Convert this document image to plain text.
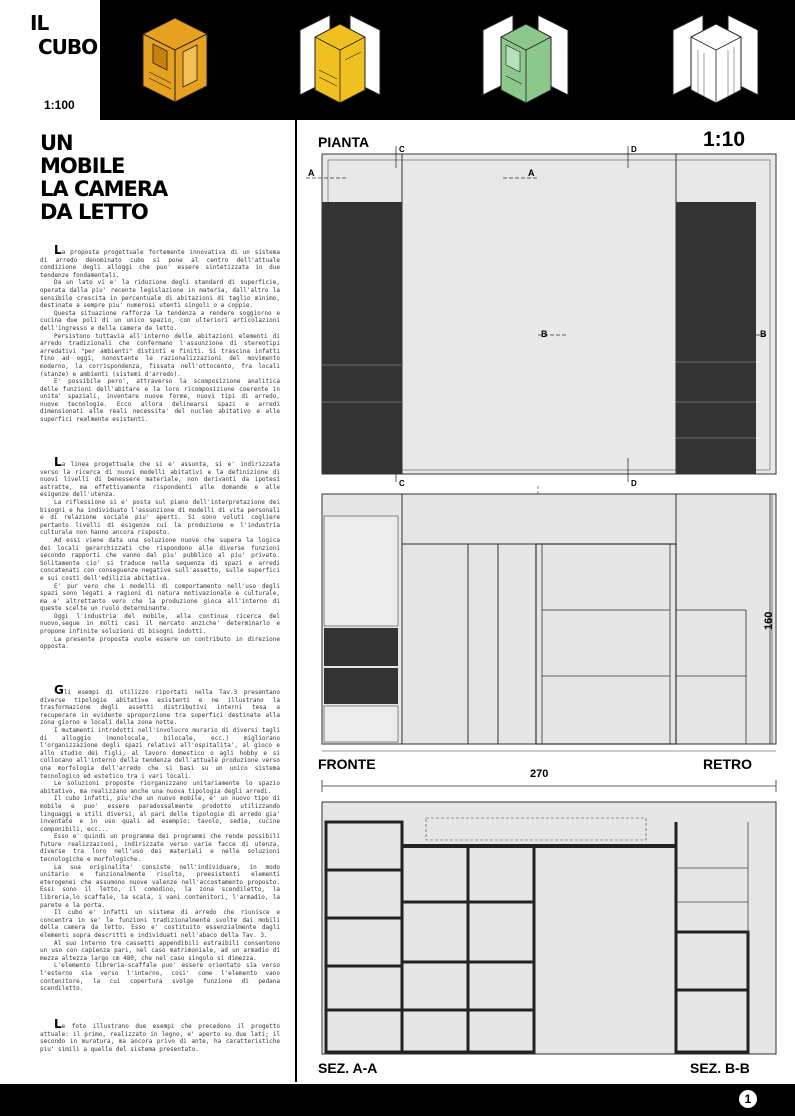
IL

CUBO

1:100
UN
MOBILE
LA CAMERA
DA LETTO

La proposta progettuale fortemente innovativa di un sistema di arredo denominato cubo si pone al centro dell'attuale condizione degli alloggi che puo' essere sintetizzata in due tendenze fondamentali.

Da un lato vi e' la riduzione degli standard di superficie, operata dalla piu' recente legislazione in materia, dall'altro la sensibile crescita in percentuale di abitazioni di taglio minimo, destinate a sempre piu' numerosi utenti singoli o a coppie.

Questa situazione rafforza la tendenza a rendere soggiorno e cucina due poli di un unico spazio, con ulteriori articolazioni dell'ingresso e della camera da letto.

Persistono tuttavia all'interno delle abitazioni elementi di arredo tradizionali che confermano l'assunzione di stereotipi arredativi "per ambienti" distinti e finiti. Si trascina infatti fino ad oggi, nonostante le razionalizzazioni del movimento moderno, la corrispondenza, fissata nell'ottocento, fra locali (stanze) e ambienti (sistemi d'arredo).

E' possibile pero', attraverso la scomposizione analitica delle funzioni dell'abitare e la loro ricomposizione coerente in unita' spaziali, inventare nuove forme, nuovi tipi di arredo, nuove tecnologie. Ecco allora delinearsi spazi e arredi dimensionati alle reali necessita' del nucleo abitativo e alle superfici realmente esistenti.

La linea progettuale che si e' assunta, si e' indirizzata verso la ricerca di nuovi modelli abitativi e la definizione di nuovi livelli di benessere materiale, non derivanti da ipotesi astratte, ma effettivamente rispondenti alle domande e alle esigenze dell'utenza.

La riflessione si e' posta sul piano dell'interpretazione dei bisogni e ha individuato l'assunzione di modelli di vita personali e di relazione sociale piu' aperti. Si sono voluti cogliere pertanto livelli di esigenze cui la produzione e l'industria culturale non hanno ancora risposto.

Ad essi viene data una soluzione nuove che supera la logica dei locali gerarchizzati che rispondono alle diverse funzioni secondo rapporti che vanno dal piu' pubblico al piu' privato. Solitamente cio' si traduce nella sequenza di spazi e arredi concatenati con conseguenze negative sull'assetto, sulle superfici e sui costi dell'edilizia abitativa.

E' pur vero che i modelli di comportamento nell'uso degli spazi sono legati a ragioni di natura motivazionale e culturale, ma e' altrettanto vero che la produzione gioca all'interno di queste scelte un ruolo determinante.

Oggi l'industria del mobile, alla continua ricerca del nuovo,segue in molti casi il mercato anziche' determinarlo e propone infinite soluzioni di bisogni indotti.

La presente proposta vuole essere un contributo in direzione opposta.

Gli esempi di utilizzo riportati nella Tav.3 presentano diverse tipologie abitative esistenti e ne illustrano la trasformazione degli assetti distributivi interni tesa a recuperare in evidente sproporzione tra superfici destinate alla zona giorno e locali della zona notte.

I mutamenti introdotti nell'involucro murario di diversi tagli di alloggio (monolocale, bilocale, ecc.) migliorano l'organizzazione degli spazi relativi all'ospitalita', al gioco e allo studio dei figli, al lavoro domestico o agli hobby e si collocano all'interno della tendenza dell'attuale produzione verso una morfologia dell'arredo che si basi su un unico sistema tecnologico ed estetico tra i vari locali.

Le soluzioni proposte riorganizzano unitariamente lo spazio abitativo, ma realizzano anche una nuova tipologia degli arredi.

Il cubo infatti, piu'che un nuovo mobile, e' un nuovo tipo di mobile e puo' essere paradossalmente prodotto utilizzando linguaggi e stili diversi, al pari delle tipologie di arredo gia' inventate e in uso quali ad esempio: tavolo, sedie, cucine componibili, ecc...

Esso e' quindi un programma dei programmi che rende possibili future realizzazioni, indirizzate verso varie facce di utenza, diverse tra loro nell'uso dei materiali e nelle soluzioni tecnologiche e morfologiche.

La sua originalita' consiste nell'individuare, in modo unitario e funzionalmente risolto, preesistenti elementi eterogenei che assumono nuove valenze nell'accostamento proposto. Essi sono il letto, il comodino, la zona scendiletto, la libreria,lo scaffale, la scala, i vani contenitori, l'armadio, la parete e la porta.

Il cubo e' infatti un sistema di arredo che riunisce e concentra in se' le funzioni tradizionalmente svolte dai mobili della camera da letto. Esso e' costituito essenzialmente dagli elementi sopra descritti e individuati nell'abaco della Tav. 3.

Al suo interno tre cassetti appendibili estraibili consentono un uso con capienza pari, nel caso matrimoniale, ad un armadio di mezza altezza largo cm 480, che nel caso singolo si dimezza.

L'elemento libreria-scaffale puo' essere orientato sia verso l'esterno sia verso l'interno, cosi' come l'elemento vano contenitore, la cui copertura svolge funzione di pedana scendiletto.

Le foto illustrano due esempi che precedono il progetto attuale: il primo, realizzato in legno, e' aperto su due lati; il secondo in muratura, ma ancora privo di ante, ha caratteristiche piu' simili a quelle del sistema presentato.

PIANTA	1:10
A	A
B	B
C	D
C	D
160
FRONTE	RETRO
270
SEZ. A-A	SEZ. B-B
1
